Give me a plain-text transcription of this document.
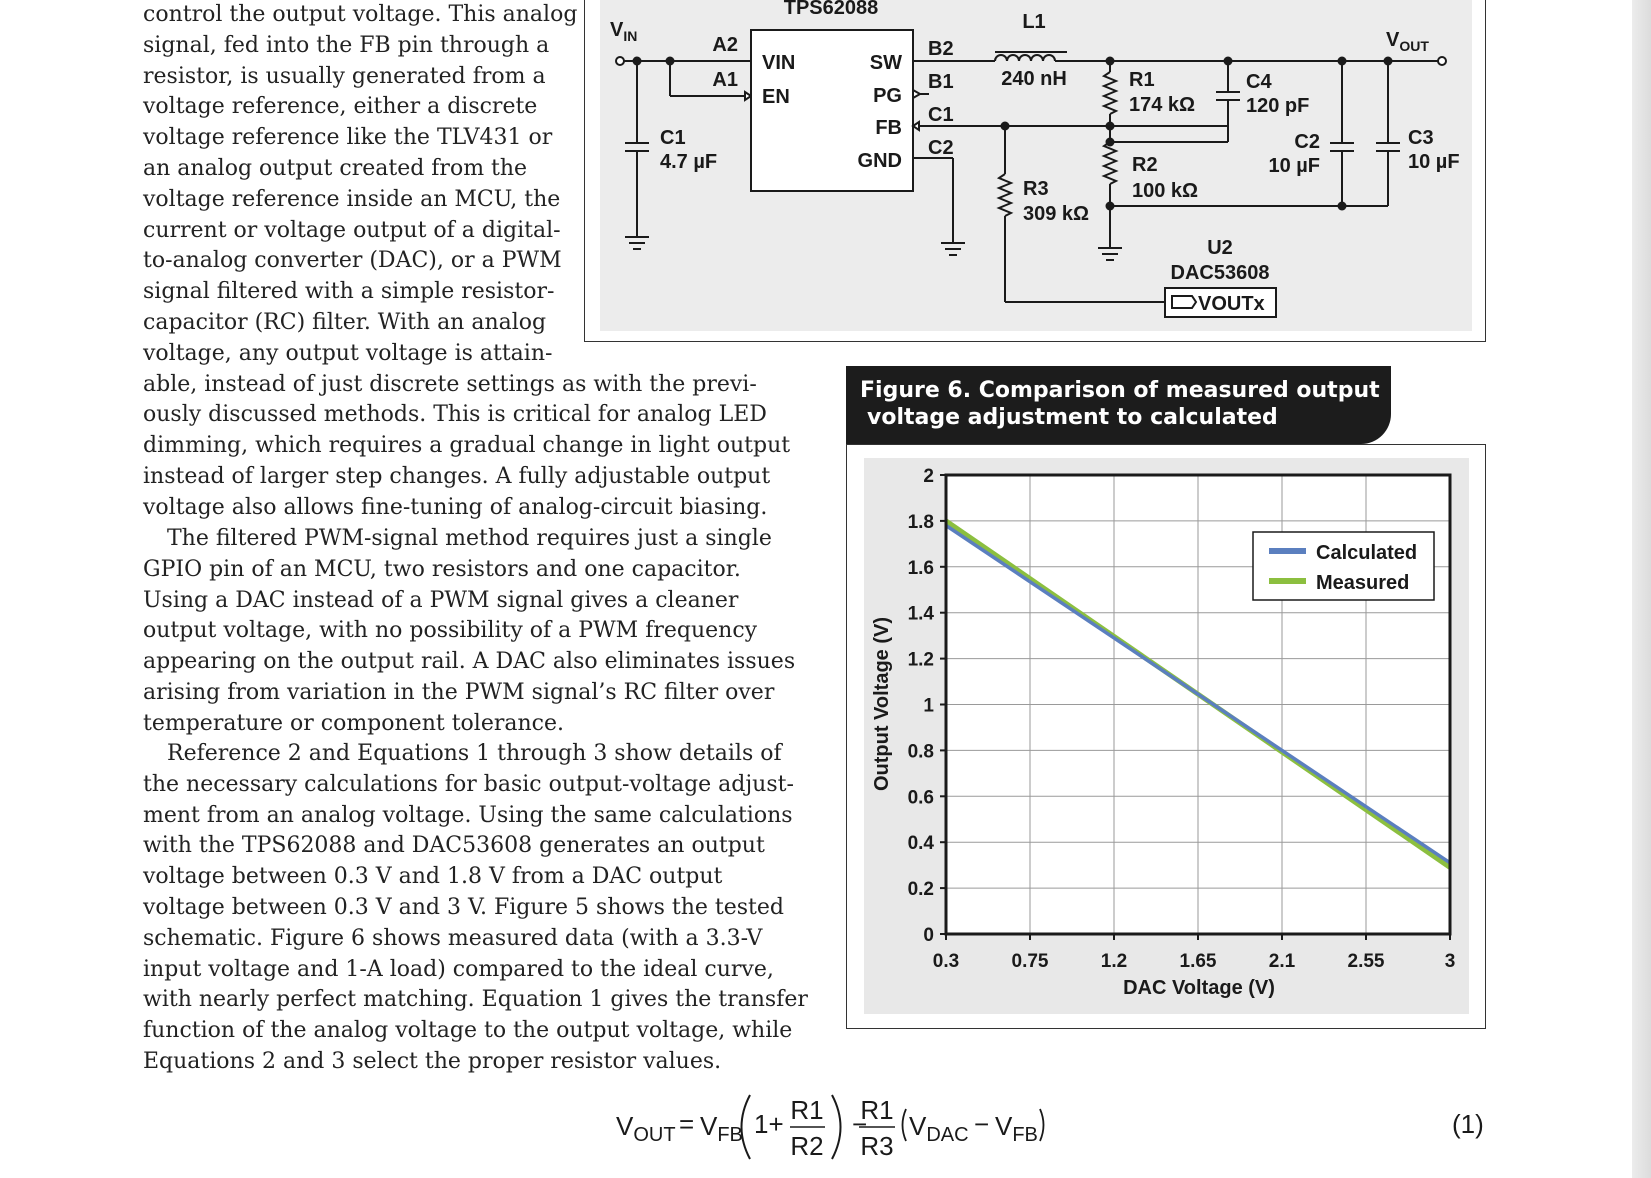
control the output voltage. This analog
signal, fed into the FB pin through a
resistor, is usually generated from a
voltage reference, either a discrete
voltage reference like the TLV431 or
an analog output created from the
voltage reference inside an MCU, the
current or voltage output of a digital-
to-analog converter (DAC), or a PWM
signal filtered with a simple resistor-
capacitor (RC) filter. With an analog
voltage, any output voltage is attain-
able, instead of just discrete settings as with the previ-
ously discussed methods. This is critical for analog LED
dimming, which requires a gradual change in light output
instead of larger step changes. A fully adjustable output
voltage also allows fine-tuning of analog-circuit biasing.
The filtered PWM-signal method requires just a single
GPIO pin of an MCU, two resistors and one capacitor.
Using a DAC instead of a PWM signal gives a cleaner
output voltage, with no possibility of a PWM frequency
appearing on the output rail. A DAC also eliminates issues
arising from variation in the PWM signal’s RC filter over
temperature or component tolerance.
Reference 2 and Equations 1 through 3 show details of
the necessary calculations for basic output-voltage adjust-
ment from an analog voltage. Using the same calculations
with the TPS62088 and DAC53608 generates an output
voltage between 0.3 V and 1.8 V from a DAC output
voltage between 0.3 V and 3 V. Figure 5 shows the tested
schematic. Figure 6 shows measured data (with a 3.3-V
input voltage and 1-A load) compared to the ideal curve,
with nearly perfect matching. Equation 1 gives the transfer
function of the analog voltage to the output voltage, while
Equations 2 and 3 select the proper resistor values.
$V_{IN}$	$V_{OUT}$
TPS62088
A2
A1
VIN
EN
SW
PG
FB
GND
B2
B1
C1
C2
L1
240 nH
C1
4.7 µF
R1
174 kΩ
C4
120 pF
R2
100 kΩ
R3
309 kΩ
C2
10 µF
C3
10 µF
U2
DAC53608
VOUTx
Figure 6. Comparison of measured output
voltage adjustment to calculated
0.3	0.75	1.2	1.65	2.1	2.55	3
0
0.2
0.4
0.6
0.8
1
1.2
1.4
1.6
1.8
2
DAC Voltage (V)
Output Voltage (V)
Calculated
Measured
$V_{OUT} = V_{FB}$ 1+ R1
R2
−
R1
R3
$V_{DAC} - V_{FB}$	(1)
